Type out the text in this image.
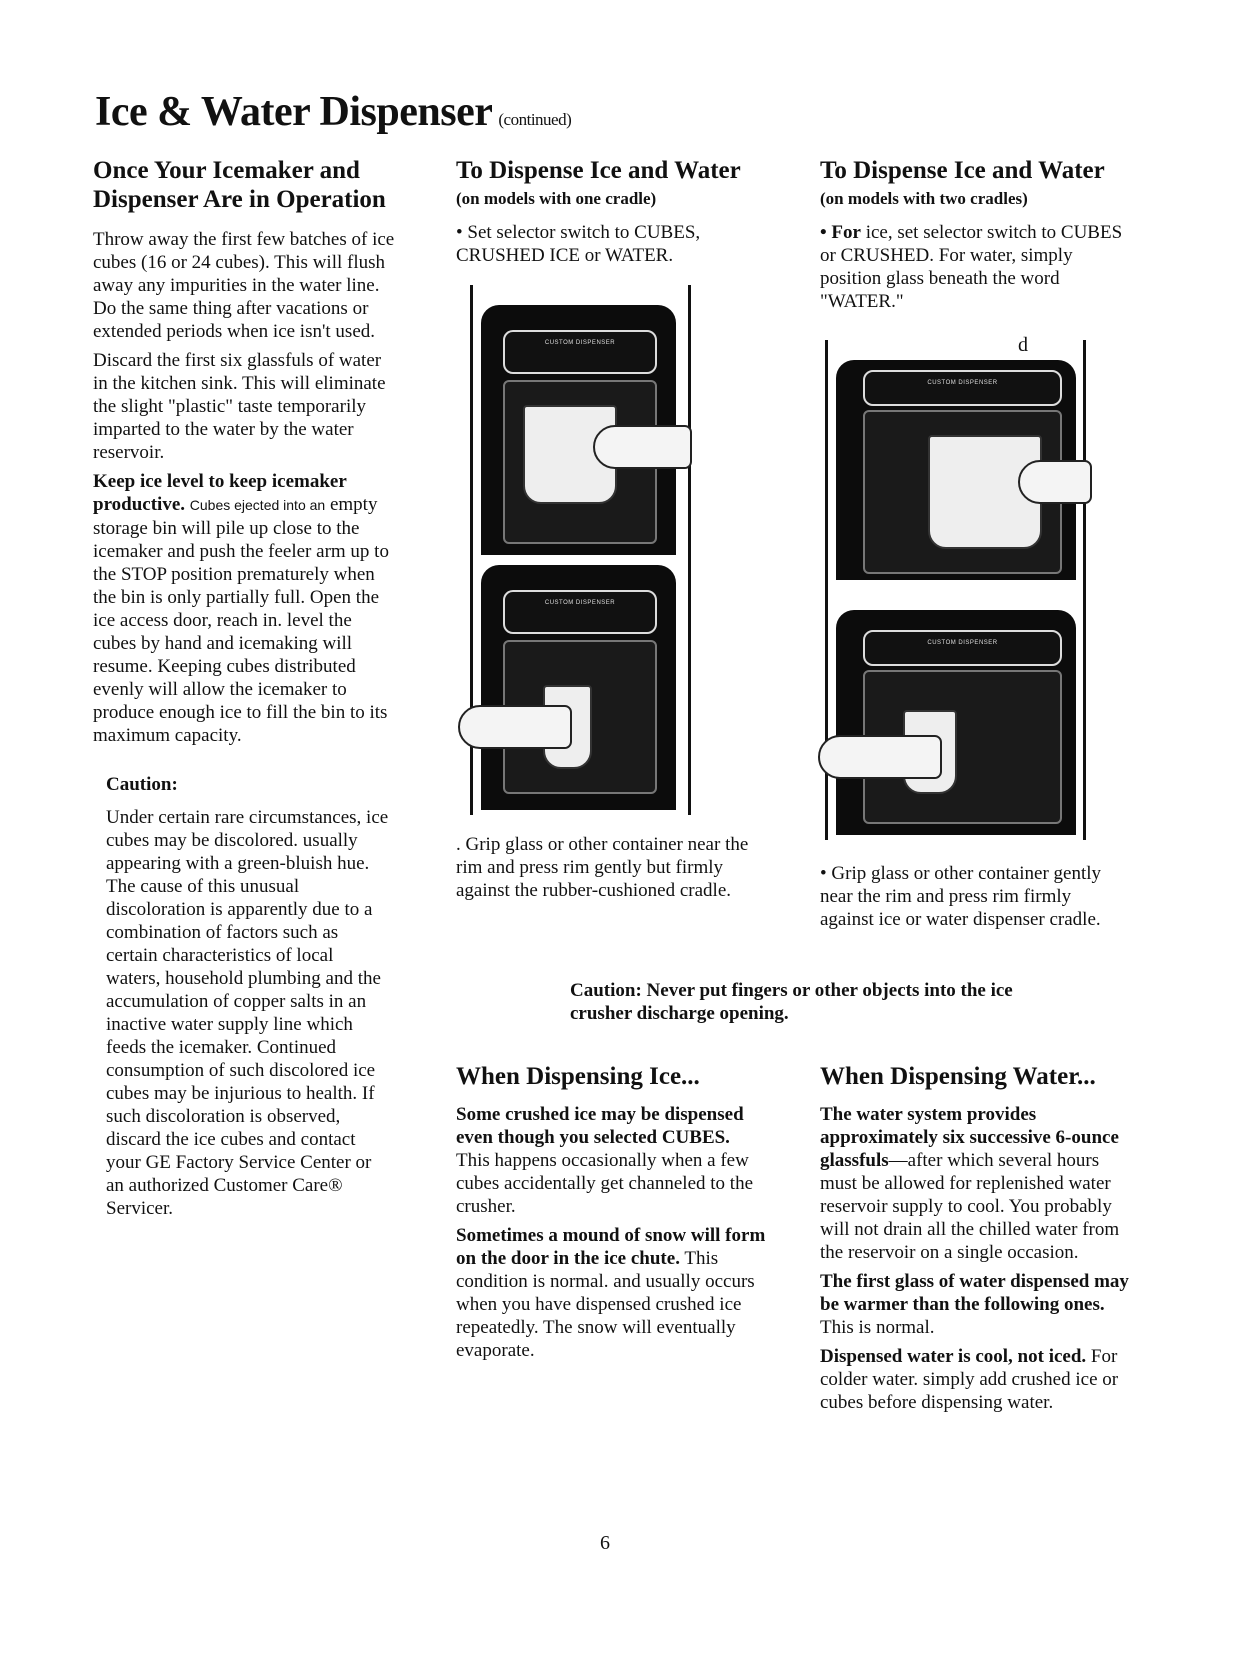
Ice & Water Dispenser (continued)
Once Your Icemaker and Dispenser Are in Operation

Throw away the first few batches of ice cubes (16 or 24 cubes). This will flush away any impurities in the water line. Do the same thing after vacations or extended periods when ice isn't used.

Discard the first six glassfuls of water in the kitchen sink. This will eliminate the slight "plastic" taste temporarily imparted to the water by the water reservoir.

Keep ice level to keep icemaker productive. Cubes ejected into an empty storage bin will pile up close to the icemaker and push the feeler arm up to the STOP position prematurely when the bin is only partially full. Open the ice access door, reach in. level the cubes by hand and icemaking will resume. Keeping cubes distributed evenly will allow the icemaker to produce enough ice to fill the bin to its maximum capacity.

Caution:

Under certain rare circumstances, ice cubes may be discolored. usually appearing with a green-bluish hue. The cause of this unusual discoloration is apparently due to a combination of factors such as certain characteristics of local waters, household plumbing and the accumulation of copper salts in an inactive water supply line which feeds the icemaker. Continued consumption of such discolored ice cubes may be injurious to health. If such discoloration is observed, discard the ice cubes and contact your GE Factory Service Center or an authorized Customer Care® Servicer.

To Dispense Ice and Water
(on models with one cradle)

• Set selector switch to CUBES, CRUSHED ICE or WATER.

CUSTOM DISPENSER
CUSTOM DISPENSER

. Grip glass or other container near the rim and press rim gently but firmly against the rubber-cushioned cradle.

To Dispense Ice and Water
(on models with two cradles)

• For ice, set selector switch to CUBES or CRUSHED. For water, simply position glass beneath the word "WATER."

d
CUSTOM DISPENSER
CUSTOM DISPENSER

• Grip glass or other container gently near the rim and press rim firmly against ice or water dispenser cradle.

Caution: Never put fingers or other objects into the ice crusher discharge opening.

When Dispensing Ice...

Some crushed ice may be dispensed even though you selected CUBES. This happens occasionally when a few cubes accidentally get channeled to the crusher.

Sometimes a mound of snow will form on the door in the ice chute. This condition is normal. and usually occurs when you have dispensed crushed ice repeatedly. The snow will eventually evaporate.

When Dispensing Water...

The water system provides approximately six successive 6-ounce glassfuls—after which several hours must be allowed for replenished water reservoir supply to cool. You probably will not drain all the chilled water from the reservoir on a single occasion.

The first glass of water dispensed may be warmer than the following ones. This is normal.

Dispensed water is cool, not iced. For colder water. simply add crushed ice or cubes before dispensing water.

6
